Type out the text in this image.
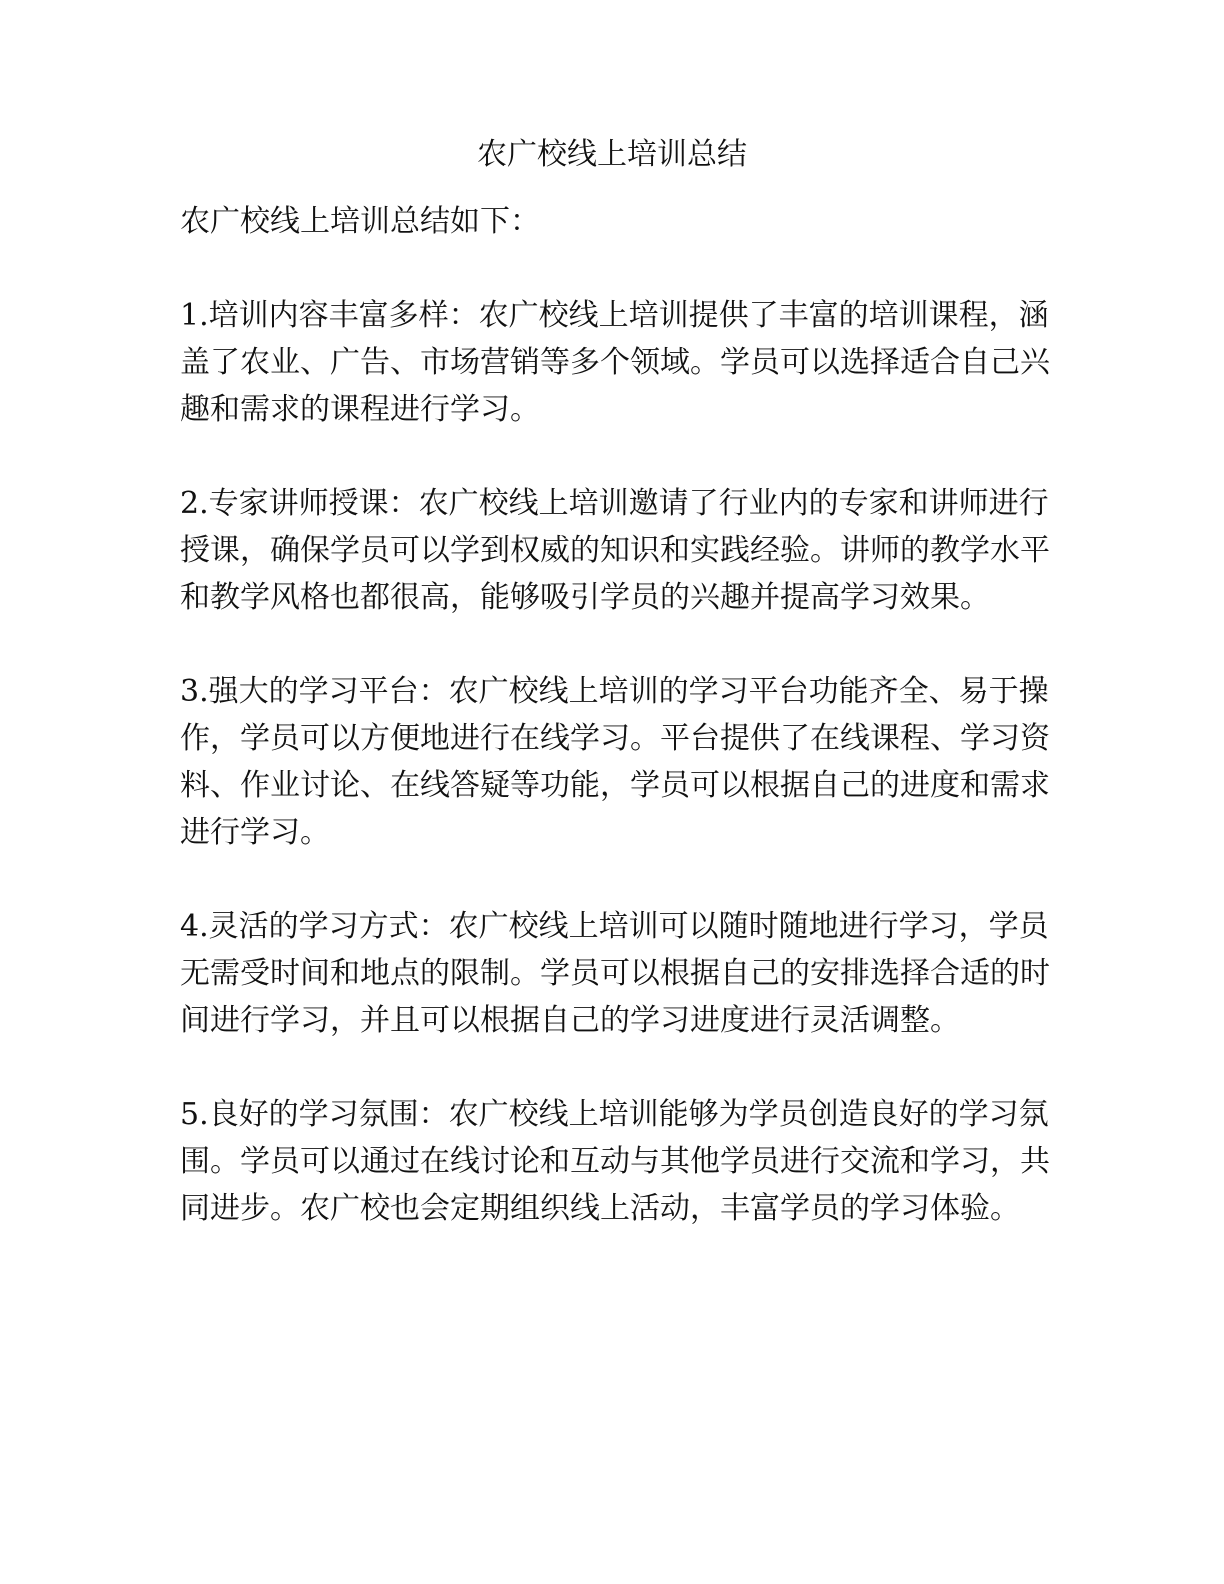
农广校线上培训总结

农广校线上培训总结如下：

1.培训内容丰富多样：农广校线上培训提供了丰富的培训课程，涵盖了农业、广告、市场营销等多个领域。学员可以选择适合自己兴趣和需求的课程进行学习。

2.专家讲师授课：农广校线上培训邀请了行业内的专家和讲师进行授课，确保学员可以学到权威的知识和实践经验。讲师的教学水平和教学风格也都很高，能够吸引学员的兴趣并提高学习效果。

3.强大的学习平台：农广校线上培训的学习平台功能齐全、易于操作，学员可以方便地进行在线学习。平台提供了在线课程、学习资料、作业讨论、在线答疑等功能，学员可以根据自己的进度和需求进行学习。

4.灵活的学习方式：农广校线上培训可以随时随地进行学习，学员无需受时间和地点的限制。学员可以根据自己的安排选择合适的时间进行学习，并且可以根据自己的学习进度进行灵活调整。

5.良好的学习氛围：农广校线上培训能够为学员创造良好的学习氛围。学员可以通过在线讨论和互动与其他学员进行交流和学习，共同进步。农广校也会定期组织线上活动，丰富学员的学习体验。
